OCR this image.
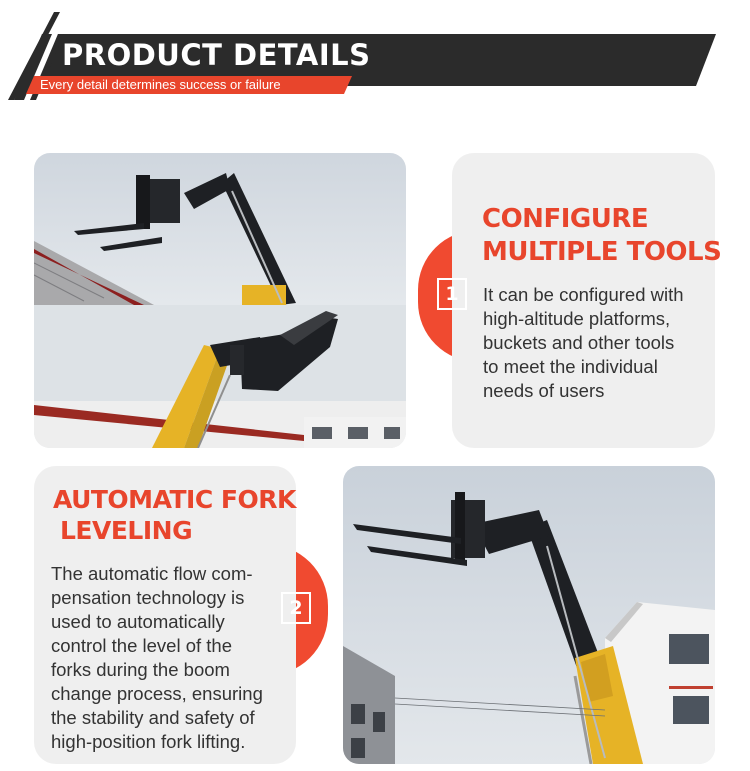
PRODUCT DETAILS
Every detail determines success or failure
1
CONFIGURE
MULTIPLE TOOLS
It can be configured with
high-altitude platforms,
buckets and other tools
to meet the individual
needs of users
2
AUTOMATIC FORK
LEVELING
The automatic flow com-
pensation technology is
used to automatically
control the level of the
forks during the boom
change process, ensuring
the stability and safety of
high-position fork lifting.
